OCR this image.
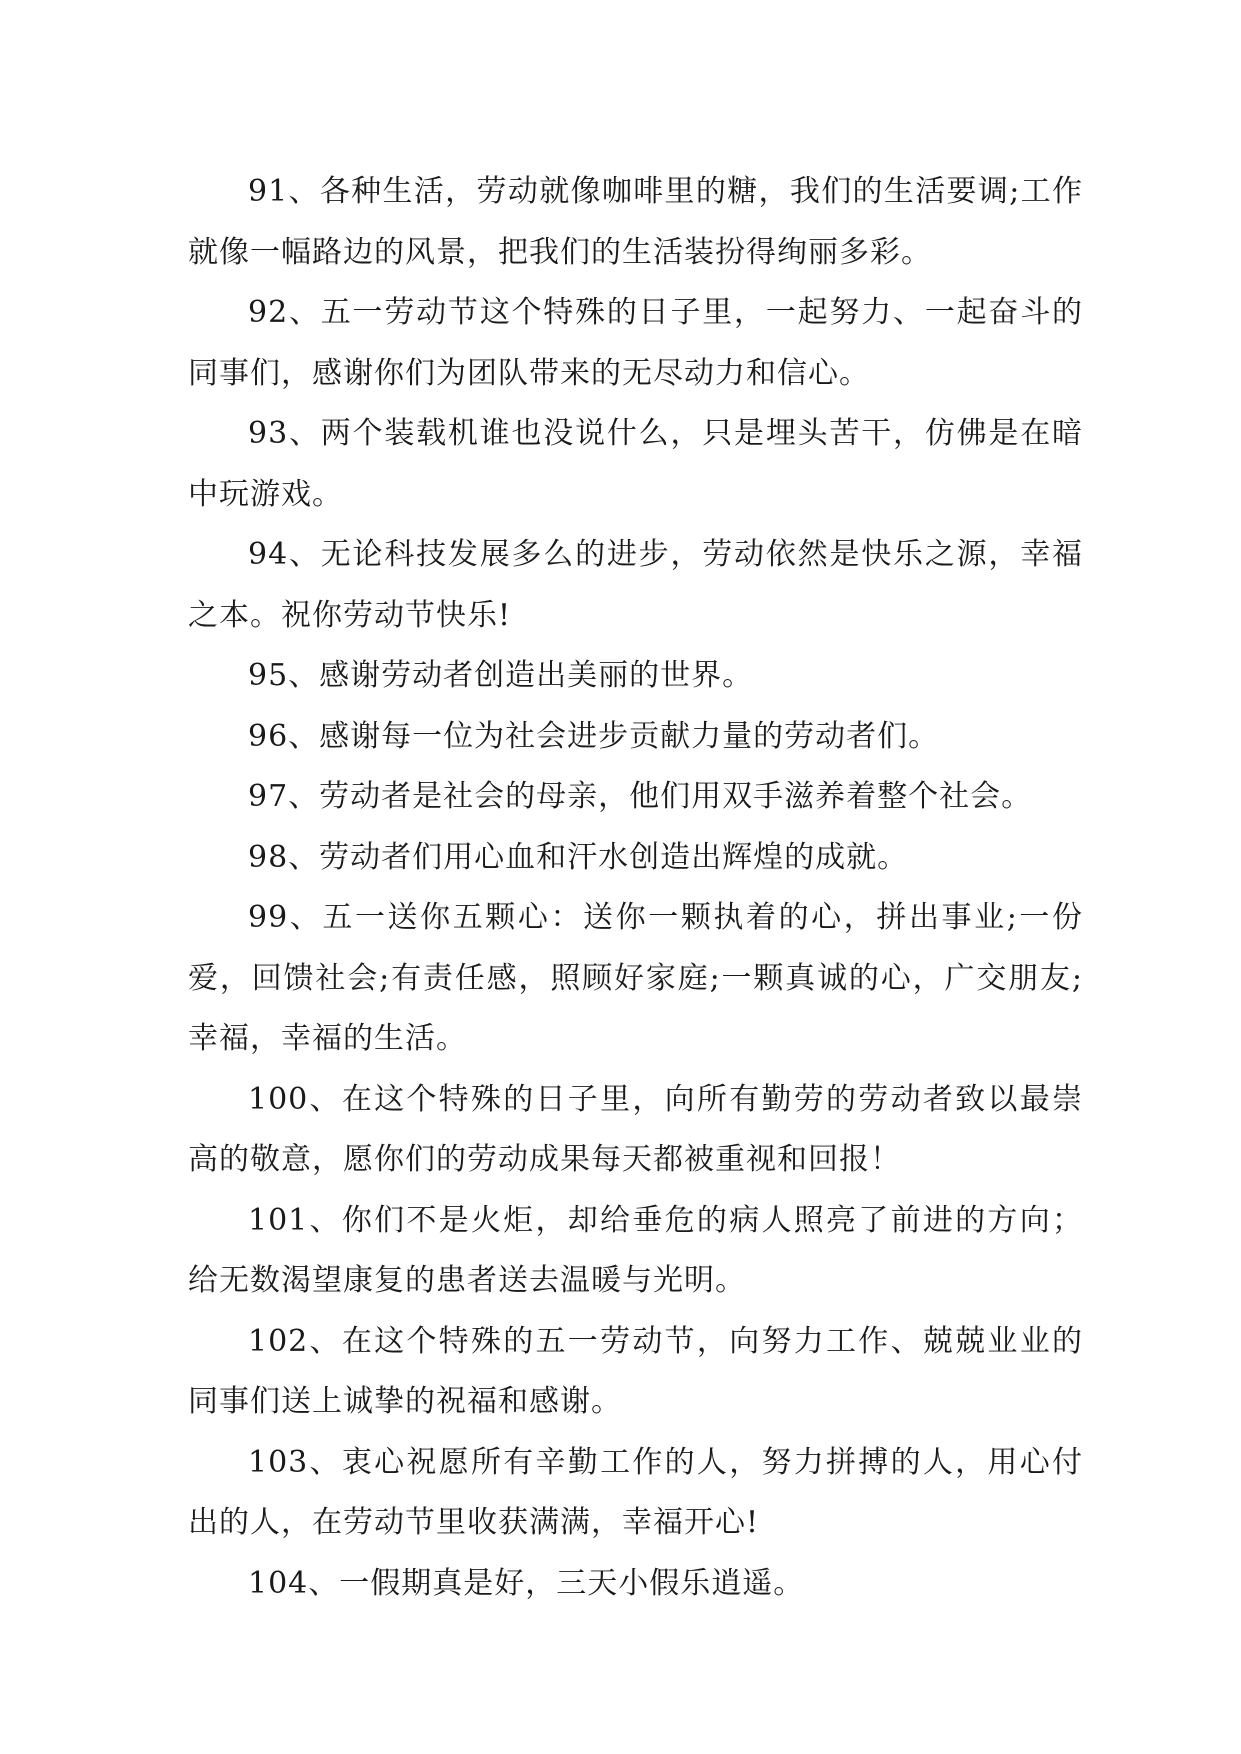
91、各种生活，劳动就像咖啡里的糖，我们的生活要调;工作就像一幅路边的风景，把我们的生活装扮得绚丽多彩。

92、五一劳动节这个特殊的日子里，一起努力、一起奋斗的同事们，感谢你们为团队带来的无尽动力和信心。

93、两个装载机谁也没说什么，只是埋头苦干，仿佛是在暗中玩游戏。

94、无论科技发展多么的进步，劳动依然是快乐之源，幸福之本。祝你劳动节快乐!

95、感谢劳动者创造出美丽的世界。

96、感谢每一位为社会进步贡献力量的劳动者们。

97、劳动者是社会的母亲，他们用双手滋养着整个社会。

98、劳动者们用心血和汗水创造出辉煌的成就。

99、五一送你五颗心：送你一颗执着的心，拼出事业;一份爱，回馈社会;有责任感，照顾好家庭;一颗真诚的心，广交朋友;幸福，幸福的生活。

100、在这个特殊的日子里，向所有勤劳的劳动者致以最崇高的敬意，愿你们的劳动成果每天都被重视和回报！

101、你们不是火炬，却给垂危的病人照亮了前进的方向；给无数渴望康复的患者送去温暖与光明。

102、在这个特殊的五一劳动节，向努力工作、兢兢业业的同事们送上诚挚的祝福和感谢。

103、衷心祝愿所有辛勤工作的人，努力拼搏的人，用心付出的人，在劳动节里收获满满，幸福开心!

104、一假期真是好，三天小假乐逍遥。
